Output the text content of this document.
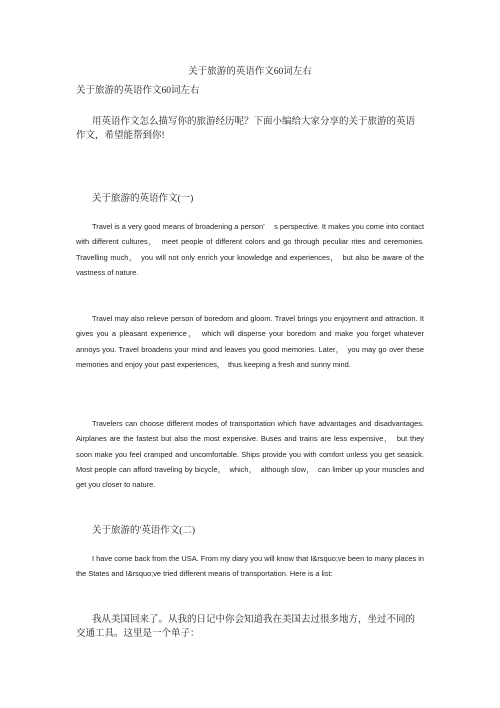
关于旅游的英语作文60词左右

关于旅游的英语作文60词左右

用英语作文怎么描写你的旅游经历呢？下面小编给大家分享的关于旅游的英语作文，希望能帮到你!

关于旅游的英语作文(一)

Travel is a very good means of broadening a person’　 s perspective. It makes you come into contact with different cultures，　meet people of different colors and go through peculiar rites and ceremonies. Travelling much，　you will not only enrich your knowledge and experiences，　but also be aware of the vastness of nature.

Travel may also relieve person of boredom and gloom. Travel brings you enjoyment and attraction. It gives you a pleasant experience，　which will disperse your boredom and make you forget whatever annoys you. Travel broadens your mind and leaves you good memories. Later，　you may go over these memories and enjoy your past experiences，　thus keeping a fresh and sunny mind.

Travelers can choose different modes of transportation which have advantages and disadvantages. Airplanes are the fastest but also the most expensive. Buses and trains are less expensive，　but they soon make you feel cramped and uncomfortable. Ships provide you with comfort unless you get seasick. Most people can afford traveling by bicycle，　which，　although slow，　can limber up your muscles and get you closer to nature.

关于旅游的'英语作文(二)

I have come back from the USA. From my diary you will know that I&rsquo;ve been to many places in the States and I&rsquo;ve tried different means of transportation. Here is a list:

我从美国回来了。从我的日记中你会知道我在美国去过很多地方，坐过不同的交通工具。这里是一个单子：
